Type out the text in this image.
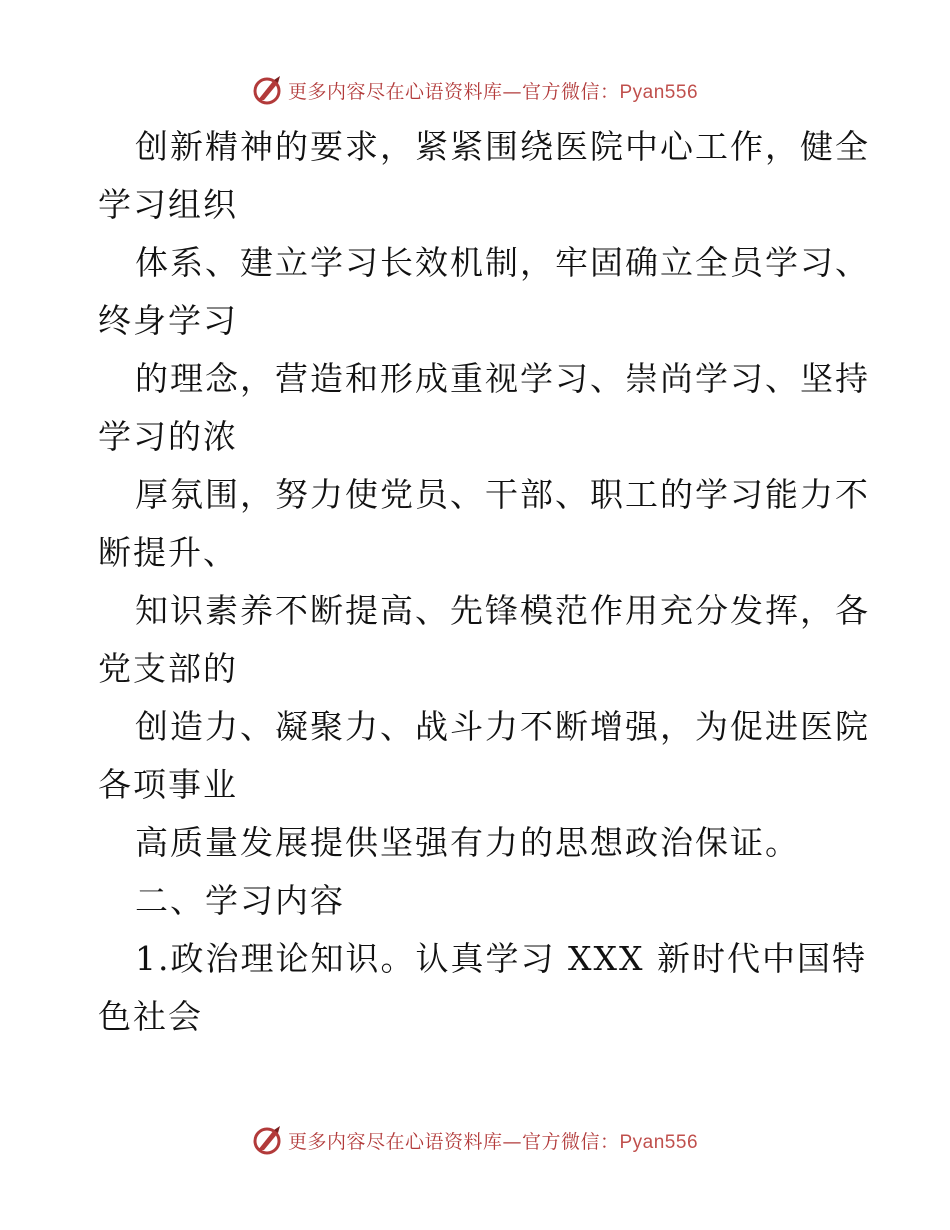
更多内容尽在心语资料库—官方微信：Pyan556
创新精神的要求，紧紧围绕医院中心工作，健全
学习组织
体系、建立学习长效机制，牢固确立全员学习、
终身学习
的理念，营造和形成重视学习、崇尚学习、坚持
学习的浓
厚氛围，努力使党员、干部、职工的学习能力不
断提升、
知识素养不断提高、先锋模范作用充分发挥，各
党支部的
创造力、凝聚力、战斗力不断增强，为促进医院
各项事业
高质量发展提供坚强有力的思想政治保证。
二、学习内容
1.政治理论知识。认真学习 XXX 新时代中国特
色社会
更多内容尽在心语资料库—官方微信：Pyan556
